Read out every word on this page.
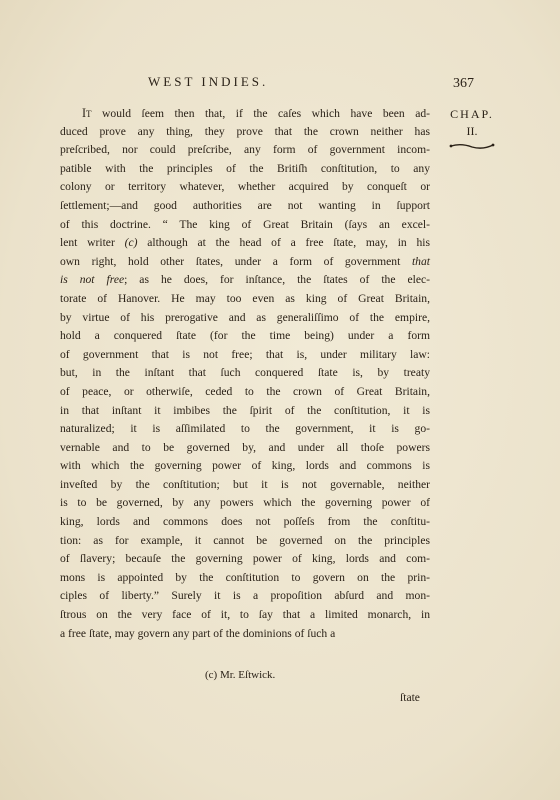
WEST INDIES.	367
CHAP.
II.
It would ſeem then that, if the caſes which have been ad-
duced prove any thing, they prove that the crown neither has
preſcribed, nor could preſcribe, any form of government incom-
patible with the principles of the Britiſh conſtitution, to any
colony or territory whatever, whether acquired by conqueſt or
ſettlement;—and good authorities are not wanting in ſupport
of this doctrine. “ The king of Great Britain (ſays an excel-
lent writer (c) although at the head of a free ſtate, may, in his
own right, hold other ſtates, under a form of government that
is not free; as he does, for inſtance, the ſtates of the elec-
torate of Hanover. He may too even as king of Great Britain,
by virtue of his prerogative and as generaliſſimo of the empire,
hold a conquered ſtate (for the time being) under a form
of government that is not free; that is, under military law:
but, in the inſtant that ſuch conquered ſtate is, by treaty
of peace, or otherwiſe, ceded to the crown of Great Britain,
in that inſtant it imbibes the ſpirit of the conſtitution, it is
naturalized; it is aſſimilated to the government, it is go-
vernable and to be governed by, and under all thoſe powers
with which the governing power of king, lords and commons is
inveſted by the conſtitution; but it is not governable, neither
is to be governed, by any powers which the governing power of
king, lords and commons does not poſſeſs from the conſtitu-
tion: as for example, it cannot be governed on the principles
of ſlavery; becauſe the governing power of king, lords and com-
mons is appointed by the conſtitution to govern on the prin-
ciples of liberty.” Surely it is a propoſition abſurd and mon-
ſtrous on the very face of it, to ſay that a limited monarch, in
a free ſtate, may govern any part of the dominions of ſuch a
(c) Mr. Eſtwick.
ſtate
